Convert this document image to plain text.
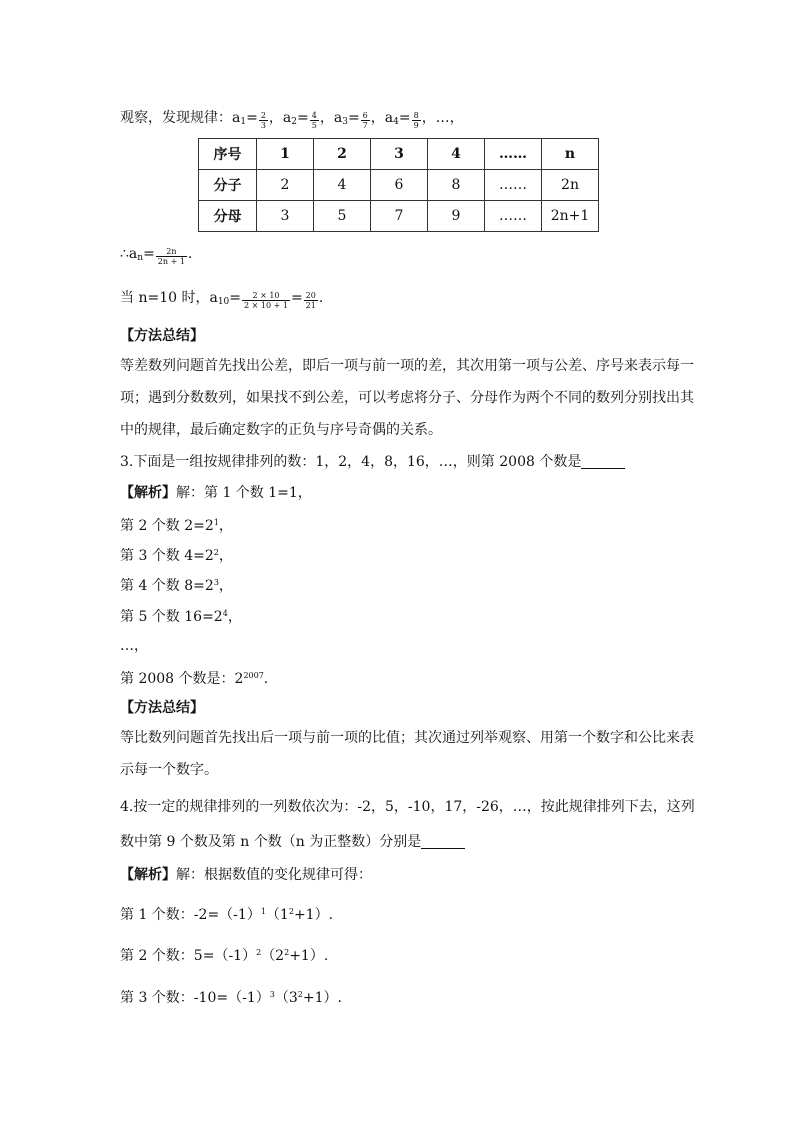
观察，发现规律：$a_1= \frac{2}{3}$ ，$a_2= \frac{4}{5}$ ，$a_3= \frac{6}{7}$ ，$a_4= \frac{8}{9}$ ，…，
序号	1	2	3	4	……	n
分子	2	4	6	8	……	2n
分母	3	5	7	9	……	2n+1
$\therefore a_n= \frac{2n}{2n + 1}$ .
当 n=10 时，$a_{10}= \frac{2 \times 10}{2 \times 10 + 1} = \frac{20}{21}$ .
【方法总结】
等差数列问题首先找出公差，即后一项与前一项的差，其次用第一项与公差、序号来表示每一项；遇到分数数列，如果找不到公差，可以考虑将分子、分母作为两个不同的数列分别找出其中的规律，最后确定数字的正负与序号奇偶的关系。
3.下面是一组按规律排列的数：1，2，4，8，16，…，则第 2008 个数是
【解析】解：第 1 个数 1=1，
第 2 个数 $2=2^1$，
第 3 个数 $4=2^2$，
第 4 个数 $8=2^3$，
第 5 个数 $16=2^4$，
…，
第 2008 个数是：$2^{2007}$.
【方法总结】
等比数列问题首先找出后一项与前一项的比值；其次通过列举观察、用第一个数字和公比来表示每一个数字。
4.按一定的规律排列的一列数依次为：-2，5，-10，17，-26，…，按此规律排列下去，这列
数中第 9 个数及第 n 个数（n 为正整数）分别是
【解析】解：根据数值的变化规律可得：
第 1 个数：$-2=(-1)^1(1^2+1)$.
第 2 个数：$5=(-1)^2(2^2+1)$.
第 3 个数：$-10=(-1)^3(3^2+1)$.
